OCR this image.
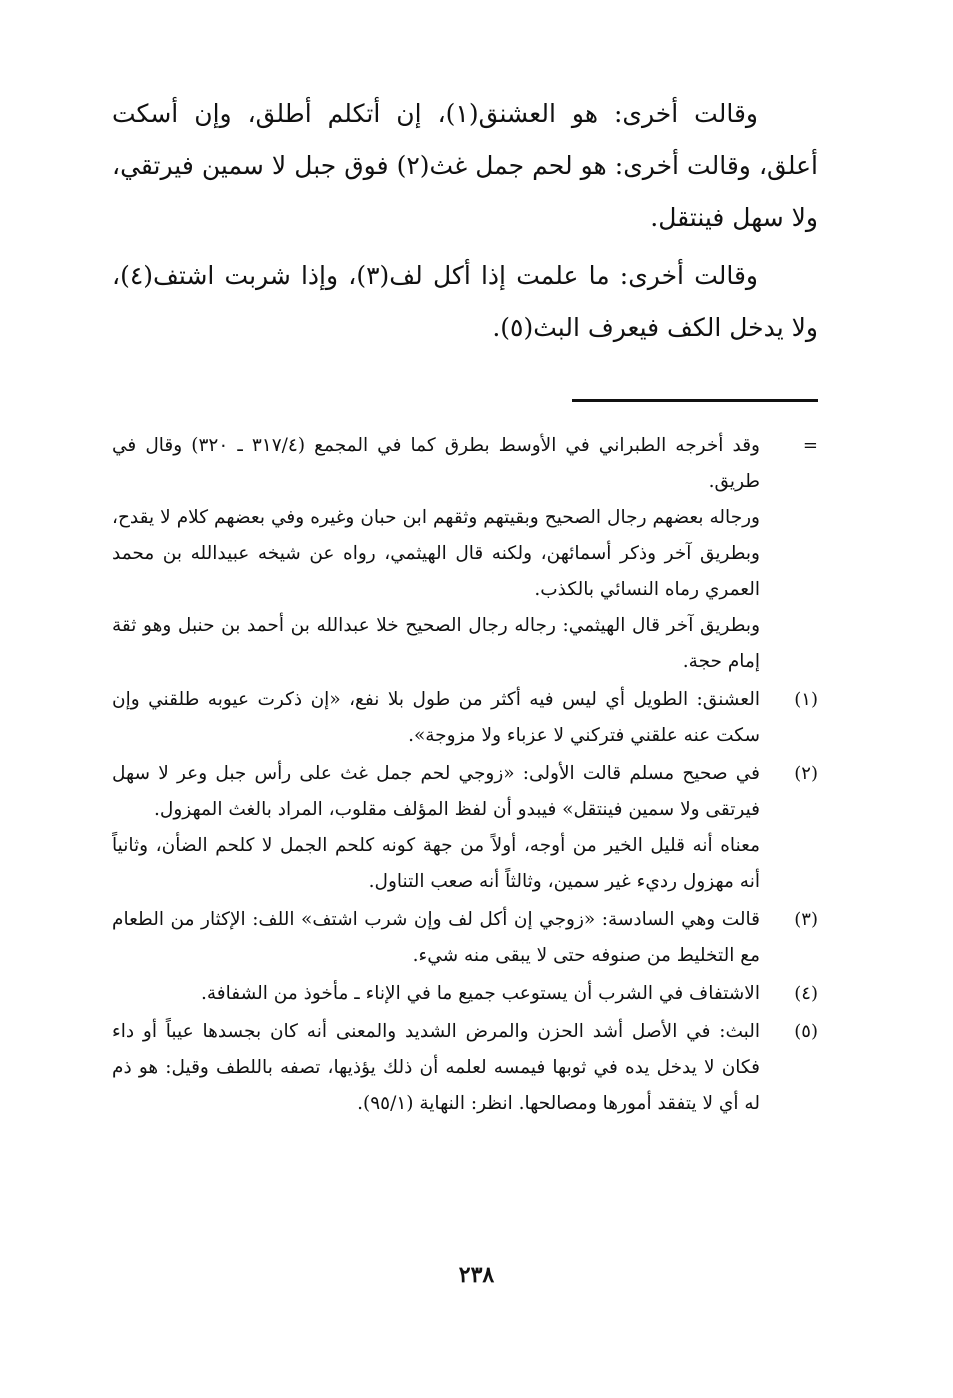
وقالت أخرى: هو العشنق(١)، إن أتكلم أطلق، وإن أسكت أعلق، وقالت أخرى: هو لحم جمل غث(٢) فوق جبل لا سمين فيرتقي، ولا سهل فينتقل.

وقالت أخرى: ما علمت إذا أكل لف(٣)، وإذا شربت اشتف(٤)، ولا يدخل الكف فيعرف البث(٥).

=

وقد أخرجه الطبراني في الأوسط بطرق كما في المجمع (٣١٧/٤ ـ ٣٢٠) وقال في طريق.

ورجاله بعضهم رجال الصحيح وبقيتهم وثقهم ابن حبان وغيره وفي بعضهم كلام لا يقدح، وبطريق آخر وذكر أسمائهن، ولكنه قال الهيثمي، رواه عن شيخه عبيدالله بن محمد العمري رماه النسائي بالكذب.

وبطريق آخر قال الهيثمي: رجاله رجال الصحيح خلا عبدالله بن أحمد بن حنبل وهو ثقة إمام حجة.

(١)

العشنق: الطويل أي ليس فيه أكثر من طول بلا نفع، «إن ذكرت عيوبه طلقني وإن سكت عنه علقني فتركني لا عزباء ولا مزوجة».

(٢)

في صحيح مسلم قالت الأولى: «زوجي لحم جمل غث على رأس جبل وعر لا سهل فيرتقى ولا سمين فينتقل» فيبدو أن لفظ المؤلف مقلوب، المراد بالغث المهزول.

معناه أنه قليل الخير من أوجه، أولاً من جهة كونه كلحم الجمل لا كلحم الضأن، وثانياً أنه مهزول رديء غير سمين، وثالثاً أنه صعب التناول.

(٣)

قالت وهي السادسة: «زوجي إن أكل لف وإن شرب اشتف» اللف: الإكثار من الطعام مع التخليط من صنوفه حتى لا يبقى منه شيء.

(٤)

الاشتفاف في الشرب أن يستوعب جميع ما في الإناء ـ مأخوذ من الشفافة.

(٥)

البث: في الأصل أشد الحزن والمرض الشديد والمعنى أنه كان بجسدها عيباً أو داء فكان لا يدخل يده في ثوبها فيمسه لعلمه أن ذلك يؤذيها، تصفه باللطف وقيل: هو ذم له أي لا يتفقد أمورها ومصالحها. انظر: النهاية (٩٥/١).

٢٣٨
